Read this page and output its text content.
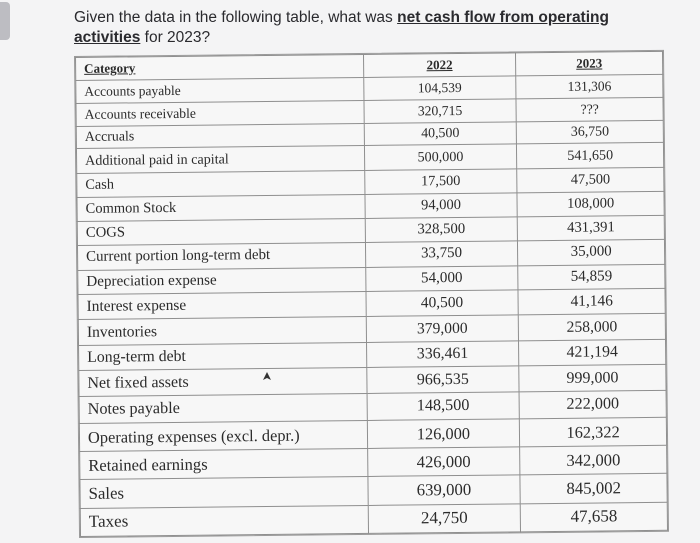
Given the data in the following table, what was net cash flow from operating activities for 2023?
Category	2022	2023
Accounts payable	104,539	131,306
Accounts receivable	320,715	???
Accruals	40,500	36,750
Additional paid in capital	500,000	541,650
Cash	17,500	47,500
Common Stock	94,000	108,000
COGS	328,500	431,391
Current portion long-term debt	33,750	35,000
Depreciation expense	54,000	54,859
Interest expense	40,500	41,146
Inventories	379,000	258,000
Long-term debt	336,461	421,194
Net fixed assets	966,535	999,000
Notes payable	148,500	222,000
Operating expenses (excl. depr.)	126,000	162,322
Retained earnings	426,000	342,000
Sales	639,000	845,002
Taxes	24,750	47,658
